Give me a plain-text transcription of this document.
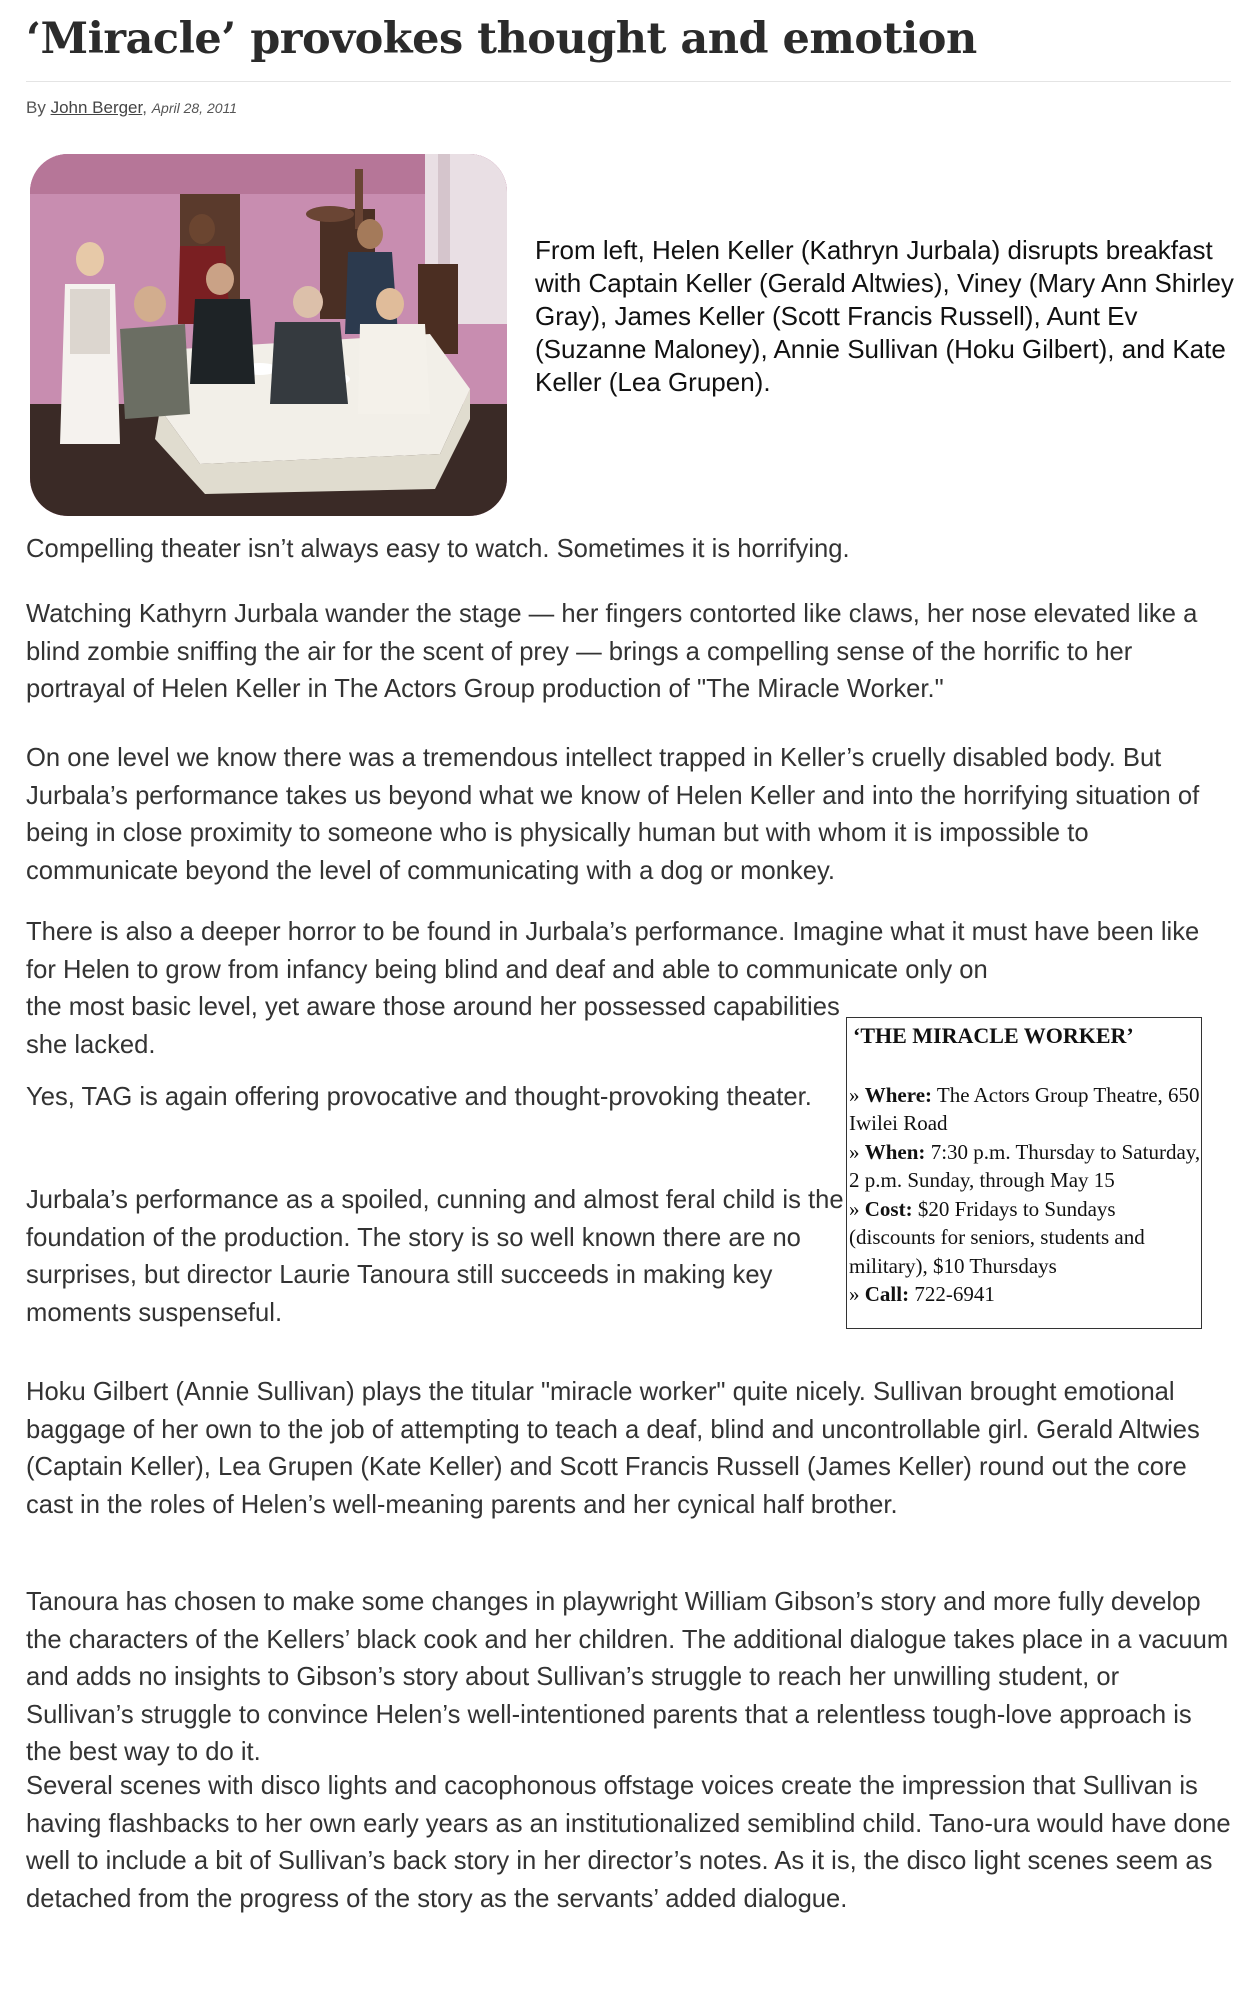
‘Miracle’ provokes thought and emotion
By John Berger, April 28, 2011
From left, Helen Keller (Kathryn Jurbala) disrupts breakfast with Captain Keller (Gerald Altwies), Viney (Mary Ann Shirley Gray), James Keller (Scott Francis Russell), Aunt Ev (Suzanne Maloney), Annie Sullivan (Hoku Gilbert), and Kate Keller (Lea Grupen).

Compelling theater isn’t always easy to watch. Sometimes it is horrifying.

Watching Kathyrn Jurbala wander the stage — her fingers contorted like claws, her nose elevated like a blind zombie sniffing the air for the scent of prey — brings a compelling sense of the horrific to her portrayal of Helen Keller in The Actors Group production of "The Miracle Worker."

On one level we know there was a tremendous intellect trapped in Keller’s cruelly disabled body. But Jurbala’s performance takes us beyond what we know of Helen Keller and into the horrifying situation of being in close proximity to someone who is physically human but with whom it is impossible to communicate beyond the level of communicating with a dog or monkey.

There is also a deeper horror to be found in Jurbala’s performance. Imagine what it must have been like for Helen to grow from infancy being blind and deaf and able to communicate only on

the most basic level, yet aware those around her possessed capabilities she lacked.

Yes, TAG is again offering provocative and thought-provoking theater.

Jurbala’s performance as a spoiled, cunning and almost feral child is the foundation of the production. The story is so well known there are no surprises, but director Laurie Tanoura still succeeds in making key moments suspenseful.

Hoku Gilbert (Annie Sullivan) plays the titular "miracle worker" quite nicely. Sullivan brought emotional baggage of her own to the job of attempting to teach a deaf, blind and uncontrollable girl. Gerald Altwies (Captain Keller), Lea Grupen (Kate Keller) and Scott Francis Russell (James Keller) round out the core cast in the roles of Helen’s well-meaning parents and her cynical half brother.

Tanoura has chosen to make some changes in playwright William Gibson’s story and more fully develop the characters of the Kellers’ black cook and her children. The additional dialogue takes place in a vacuum and adds no insights to Gibson’s story about Sullivan’s struggle to reach her unwilling student, or Sullivan’s struggle to convince Helen’s well-intentioned parents that a relentless tough-love approach is the best way to do it.

Several scenes with disco lights and cacophonous offstage voices create the impression that Sullivan is having flashbacks to her own early years as an institutionalized semiblind child. Tano-ura would have done well to include a bit of Sullivan’s back story in her director’s notes. As it is, the disco light scenes seem as detached from the progress of the story as the servants’ added dialogue.

‘THE MIRACLE WORKER’
» Where: The Actors Group Theatre, 650 Iwilei Road
» When: 7:30 p.m. Thursday to Saturday, 2 p.m. Sunday, through May 15
» Cost: $20 Fridays to Sundays (discounts for seniors, students and military), $10 Thursdays
» Call: 722-6941
